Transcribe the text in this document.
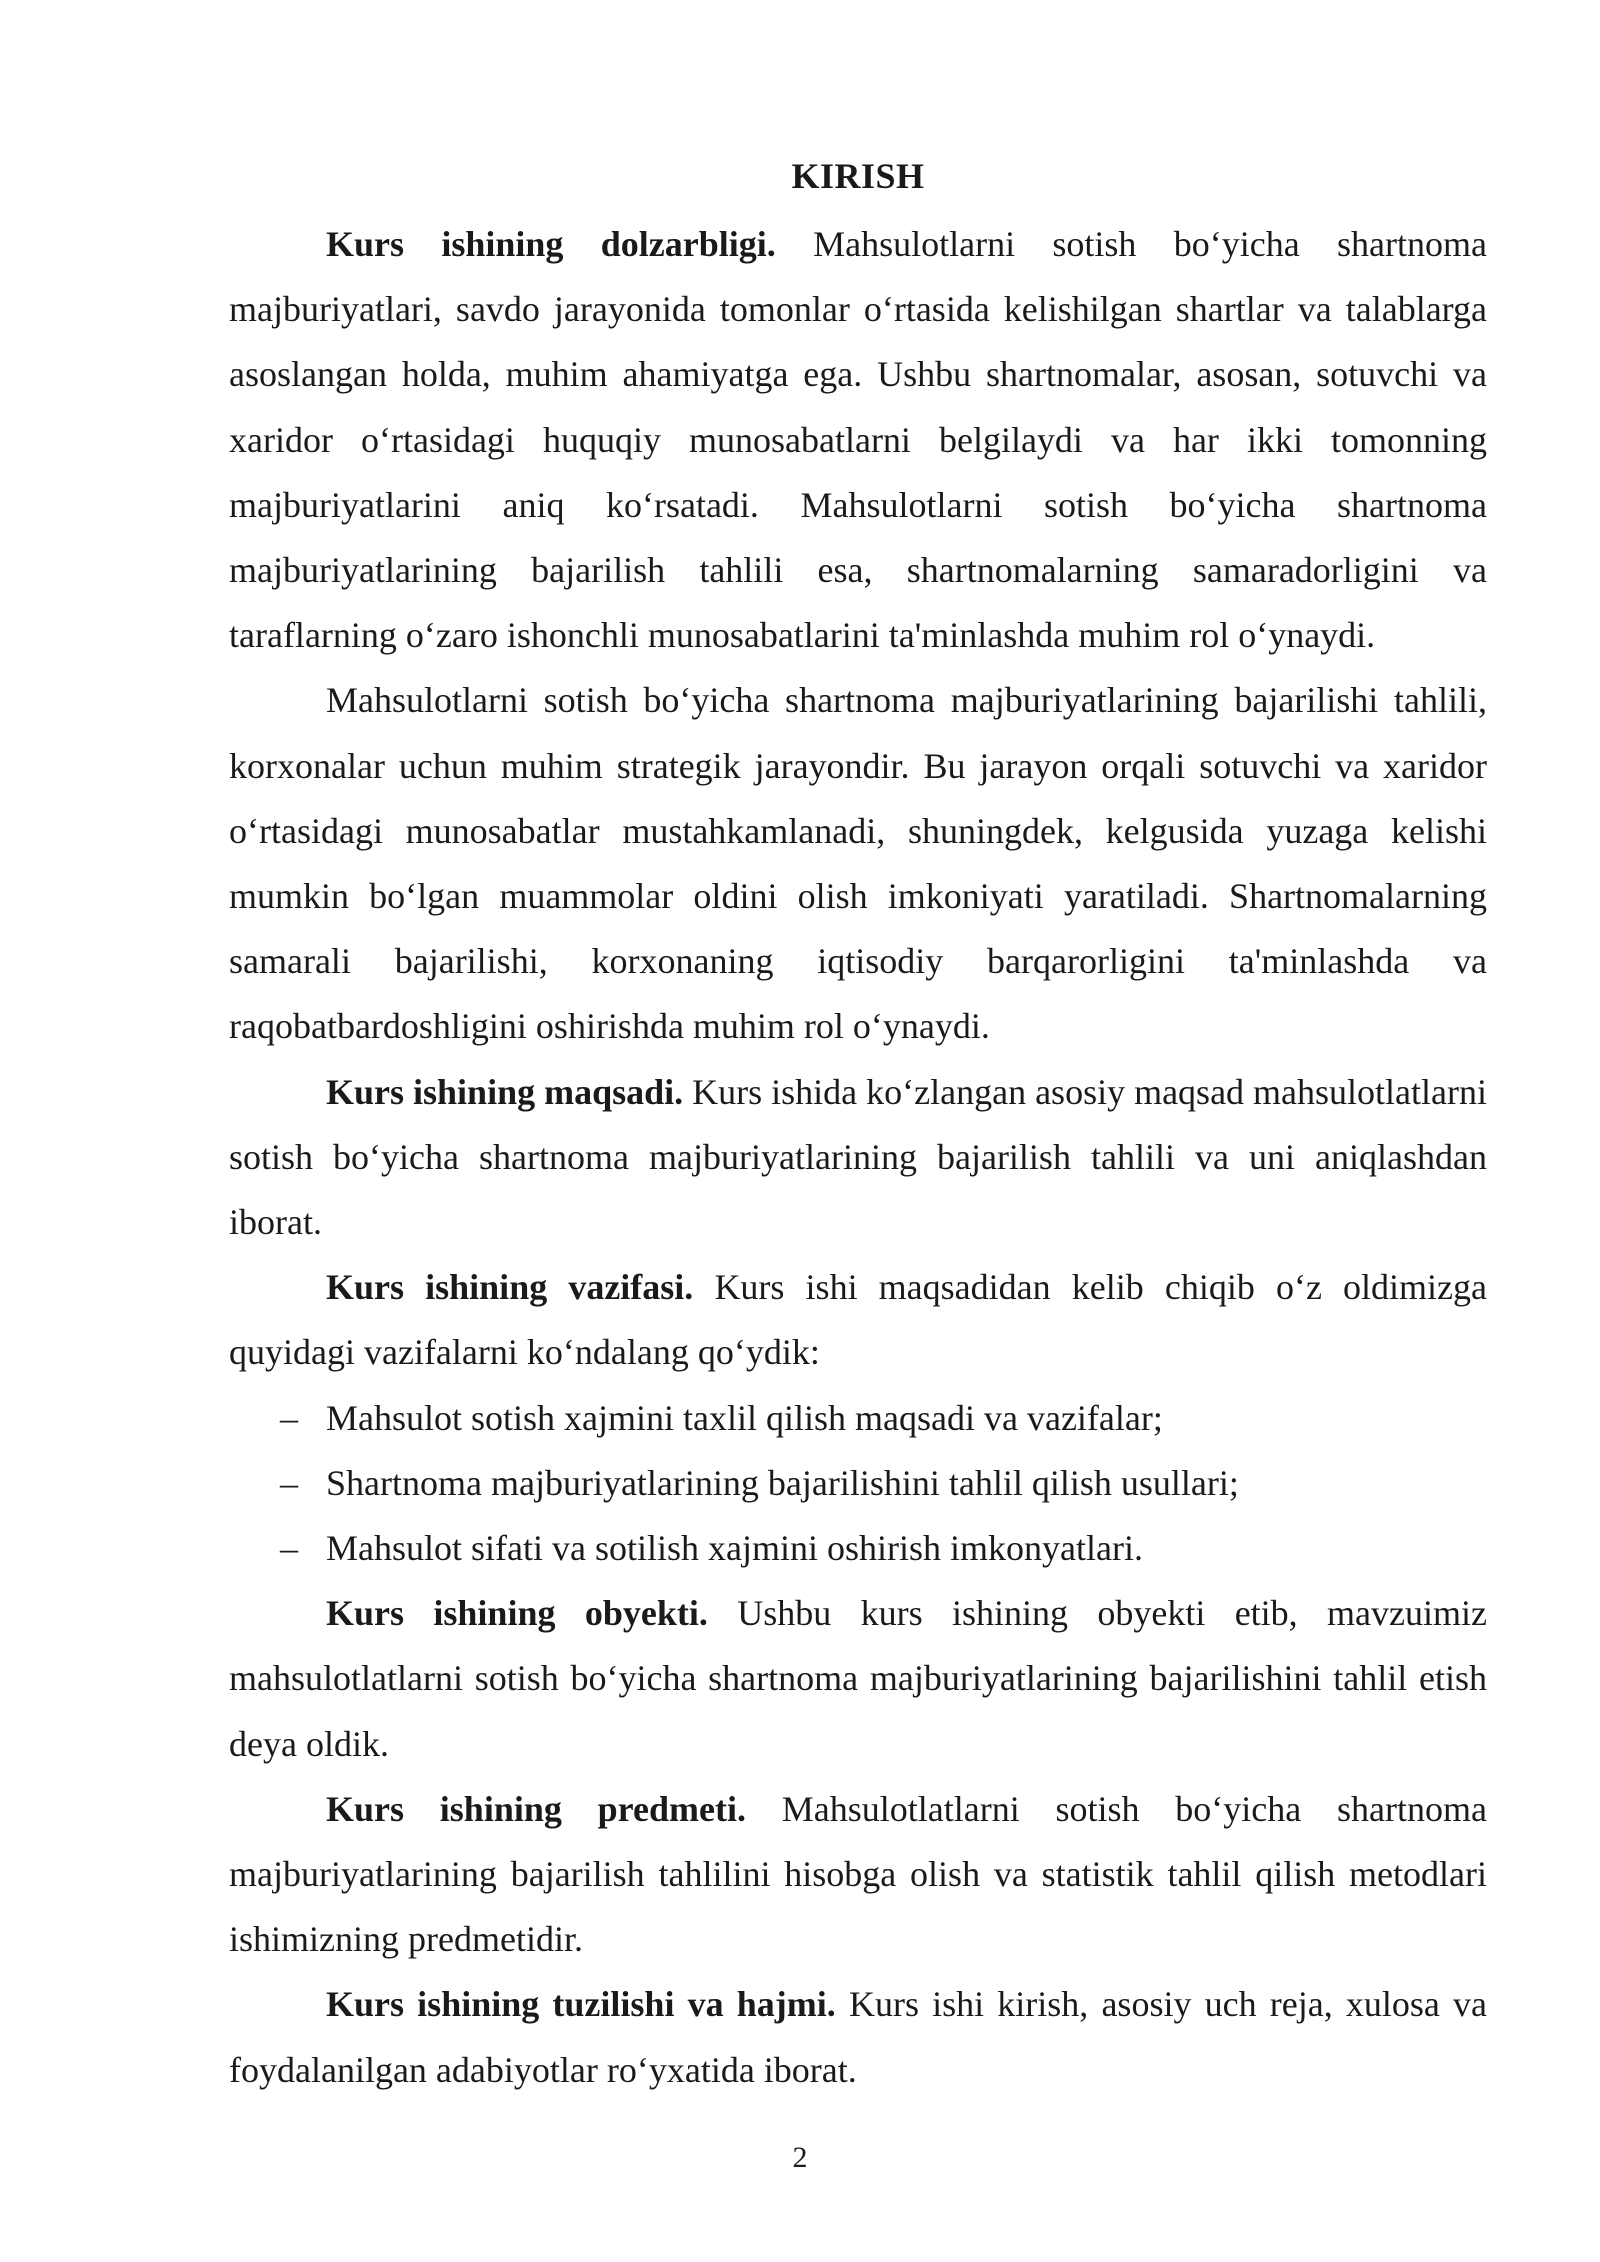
KIRISH

Kurs ishining dolzarbligi. Mahsulotlarni sotish bo‘yicha shartnoma majburiyatlari, savdo jarayonida tomonlar o‘rtasida kelishilgan shartlar va talablarga asoslangan holda, muhim ahamiyatga ega. Ushbu shartnomalar, asosan, sotuvchi va xaridor o‘rtasidagi huquqiy munosabatlarni belgilaydi va har ikki tomonning majburiyatlarini aniq ko‘rsatadi. Mahsulotlarni sotish bo‘yicha shartnoma majburiyatlarining bajarilish tahlili esa, shartnomalarning samaradorligini va taraflarning o‘zaro ishonchli munosabatlarini ta'minlashda muhim rol o‘ynaydi.

Mahsulotlarni sotish bo‘yicha shartnoma majburiyatlarining bajarilishi tahlili, korxonalar uchun muhim strategik jarayondir. Bu jarayon orqali sotuvchi va xaridor o‘rtasidagi munosabatlar mustahkamlanadi, shuningdek, kelgusida yuzaga kelishi mumkin bo‘lgan muammolar oldini olish imkoniyati yaratiladi. Shartnomalarning samarali bajarilishi, korxonaning iqtisodiy barqarorligini ta'minlashda va raqobatbardoshligini oshirishda muhim rol o‘ynaydi.

Kurs ishining maqsadi. Kurs ishida ko‘zlangan asosiy maqsad mahsulotlatlarni sotish bo‘yicha shartnoma majburiyatlarining bajarilish tahlili va uni aniqlashdan iborat.

Kurs ishining vazifasi. Kurs ishi maqsadidan kelib chiqib o‘z oldimizga quyidagi vazifalarni ko‘ndalang qo‘ydik:

– Mahsulot sotish xajmini taxlil qilish maqsadi va vazifalar;
– Shartnoma majburiyatlarining bajarilishini tahlil qilish usullari;
– Mahsulot sifati va sotilish xajmini oshirish imkonyatlari.

Kurs ishining obyekti. Ushbu kurs ishining obyekti etib, mavzuimiz mahsulotlatlarni sotish bo‘yicha shartnoma majburiyatlarining bajarilishini tahlil etish deya oldik.

Kurs ishining predmeti. Mahsulotlatlarni sotish bo‘yicha shartnoma majburiyatlarining bajarilish tahlilini hisobga olish va statistik tahlil qilish metodlari ishimizning predmetidir.

Kurs ishining tuzilishi va hajmi. Kurs ishi kirish, asosiy uch reja, xulosa va foydalanilgan adabiyotlar ro‘yxatida iborat.

2
